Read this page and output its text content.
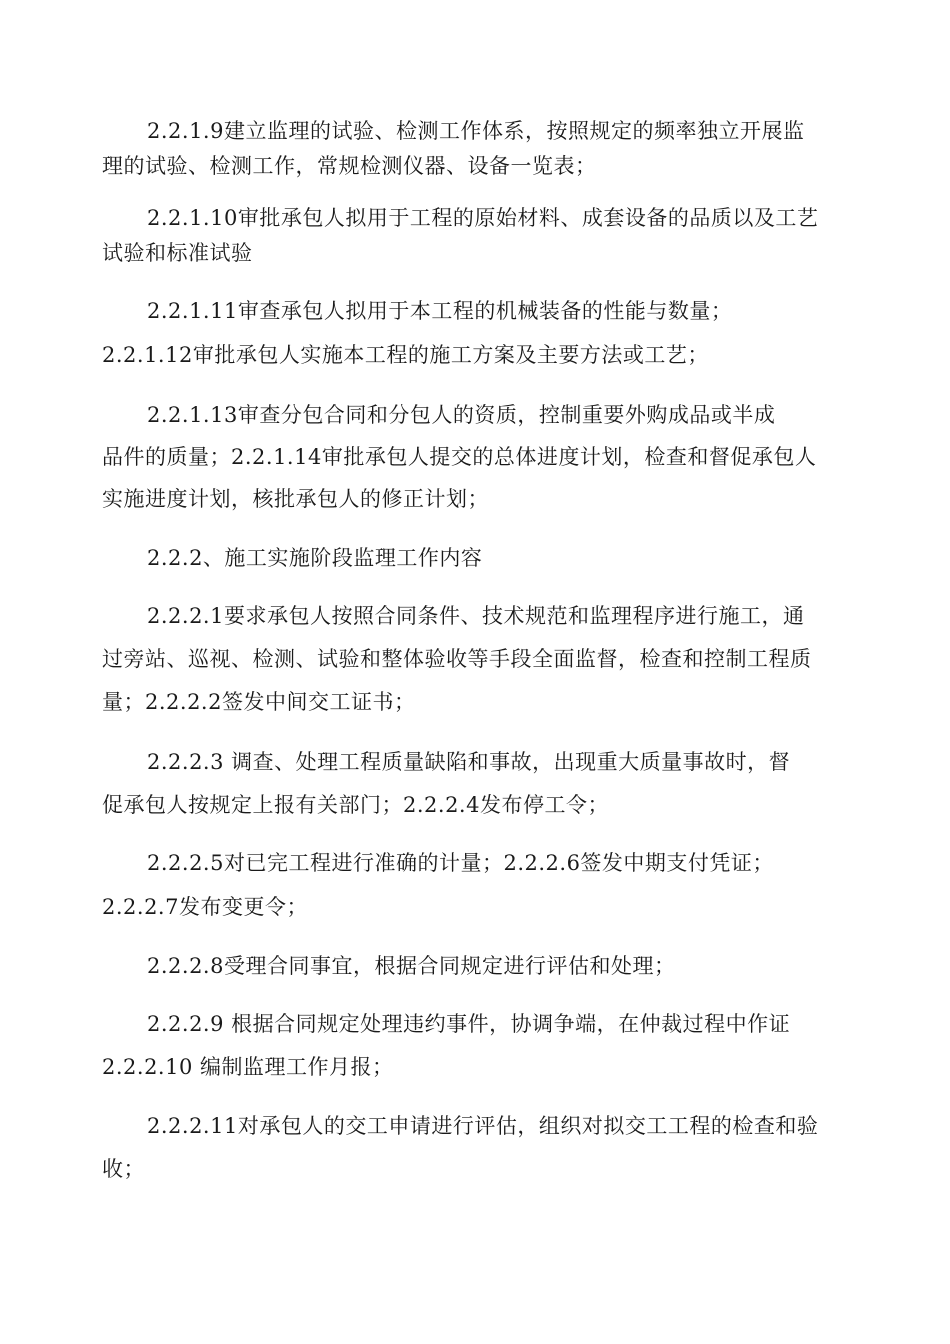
2.2.1.9建立监理的试验、检测工作体系，按照规定的频率独立开展监
理的试验、检测工作，常规检测仪器、设备一览表；
2.2.1.10审批承包人拟用于工程的原始材料、成套设备的品质以及工艺
试验和标准试验
2.2.1.11审查承包人拟用于本工程的机械装备的性能与数量；
2.2.1.12审批承包人实施本工程的施工方案及主要方法或工艺；
2.2.1.13审查分包合同和分包人的资质，控制重要外购成品或半成
品件的质量；2.2.1.14审批承包人提交的总体进度计划，检查和督促承包人
实施进度计划，核批承包人的修正计划；
2.2.2、施工实施阶段监理工作内容
2.2.2.1要求承包人按照合同条件、技术规范和监理程序进行施工，通
过旁站、巡视、检测、试验和整体验收等手段全面监督，检查和控制工程质
量；2.2.2.2签发中间交工证书；
2.2.2.3 调查、处理工程质量缺陷和事故，出现重大质量事故时，督
促承包人按规定上报有关部门；2.2.2.4发布停工令；
2.2.2.5对已完工程进行准确的计量；2.2.2.6签发中期支付凭证；
2.2.2.7发布变更令；
2.2.2.8受理合同事宜，根据合同规定进行评估和处理；
2.2.2.9 根据合同规定处理违约事件，协调争端，在仲裁过程中作证
2.2.2.10 编制监理工作月报；
2.2.2.11对承包人的交工申请进行评估，组织对拟交工工程的检查和验
收；
